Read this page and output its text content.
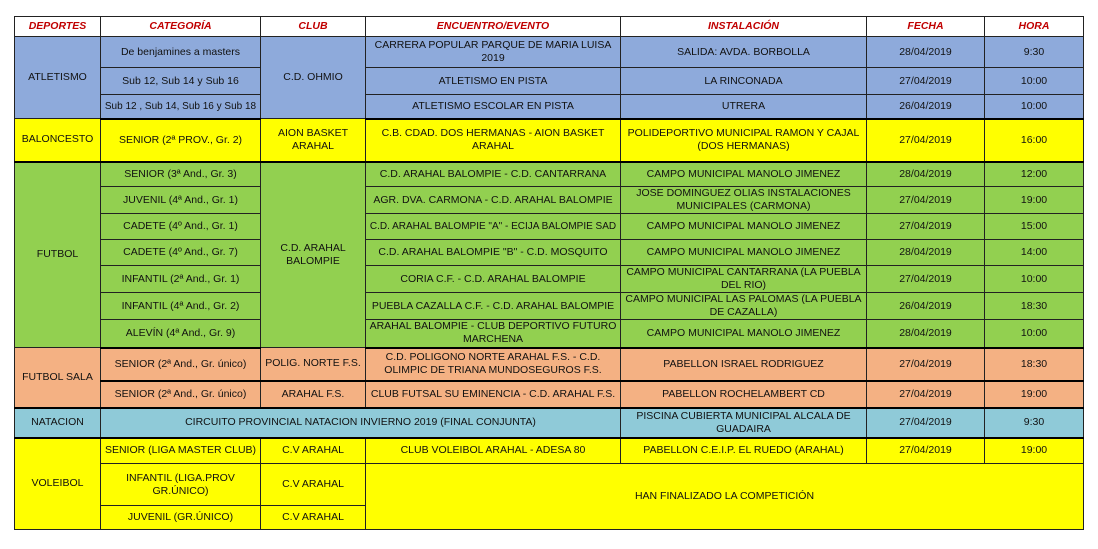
DEPORTES	CATEGORÍA	CLUB	ENCUENTRO/EVENTO	INSTALACIÓN	FECHA	HORA
ATLETISMO	De benjamines a masters	C.D. OHMIO	CARRERA POPULAR PARQUE DE MARIA LUISA 2019	SALIDA: AVDA. BORBOLLA	28/04/2019	9:30
	Sub 12, Sub 14 y Sub 16		ATLETISMO EN PISTA	LA RINCONADA	27/04/2019	10:00
	Sub 12 , Sub 14, Sub 16 y Sub 18		ATLETISMO ESCOLAR EN PISTA	UTRERA	26/04/2019	10:00
BALONCESTO	SENIOR (2ª PROV., Gr. 2)	AION BASKET ARAHAL	C.B. CDAD. DOS HERMANAS - AION BASKET ARAHAL	POLIDEPORTIVO MUNICIPAL RAMON Y CAJAL (DOS HERMANAS)	27/04/2019	16:00
FUTBOL	SENIOR (3ª And., Gr. 3)	C.D. ARAHAL BALOMPIE	C.D. ARAHAL BALOMPIE - C.D. CANTARRANA	CAMPO MUNICIPAL MANOLO JIMENEZ	28/04/2019	12:00
	JUVENIL (4ª And., Gr. 1)		AGR. DVA. CARMONA - C.D. ARAHAL BALOMPIE	JOSE DOMINGUEZ OLIAS INSTALACIONES MUNICIPALES (CARMONA)	27/04/2019	19:00
	CADETE (4º And., Gr. 1)		C.D. ARAHAL BALOMPIE "A" - ECIJA BALOMPIE SAD	CAMPO MUNICIPAL MANOLO JIMENEZ	27/04/2019	15:00
	CADETE (4º And., Gr. 7)		C.D. ARAHAL BALOMPIE "B" - C.D. MOSQUITO	CAMPO MUNICIPAL MANOLO JIMENEZ	28/04/2019	14:00
	INFANTIL (2ª And., Gr. 1)		CORIA C.F. - C.D. ARAHAL BALOMPIE	CAMPO MUNICIPAL CANTARRANA (LA PUEBLA DEL RIO)	27/04/2019	10:00
	INFANTIL (4ª And., Gr. 2)		PUEBLA CAZALLA C.F. - C.D. ARAHAL BALOMPIE	CAMPO MUNICIPAL LAS PALOMAS (LA PUEBLA DE CAZALLA)	26/04/2019	18:30
	ALEVÍN (4ª And., Gr. 9)		ARAHAL BALOMPIE - CLUB DEPORTIVO FUTURO MARCHENA	CAMPO MUNICIPAL MANOLO JIMENEZ	28/04/2019	10:00
FUTBOL SALA	SENIOR (2ª And., Gr. único)	POLIG. NORTE F.S.	C.D. POLIGONO NORTE ARAHAL F.S. - C.D. OLIMPIC DE TRIANA MUNDOSEGUROS F.S.	PABELLON ISRAEL RODRIGUEZ	27/04/2019	18:30
	SENIOR (2ª And., Gr. único)	ARAHAL F.S.	CLUB FUTSAL SU EMINENCIA - C.D. ARAHAL F.S.	PABELLON ROCHELAMBERT CD	27/04/2019	19:00
NATACION	CIRCUITO PROVINCIAL NATACION INVIERNO 2019 (FINAL CONJUNTA)			PISCINA CUBIERTA MUNICIPAL ALCALA DE GUADAIRA	27/04/2019	9:30
VOLEIBOL	SENIOR (LIGA MASTER CLUB)	C.V ARAHAL	CLUB VOLEIBOL ARAHAL - ADESA 80	PABELLON C.E.I.P. EL RUEDO (ARAHAL)	27/04/2019	19:00
	INFANTIL (LIGA.PROV GR.ÚNICO)	C.V ARAHAL	HAN FINALIZADO LA COMPETICIÓN			
	JUVENIL (GR.ÚNICO)	C.V ARAHAL				
